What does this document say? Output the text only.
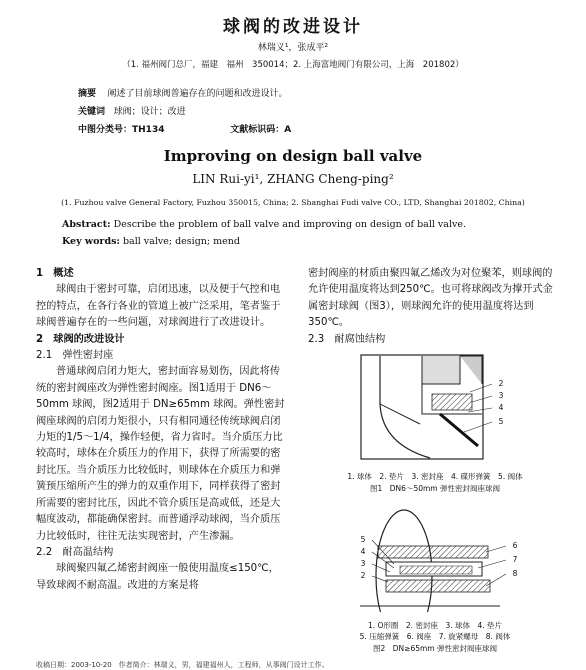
球阀的改进设计
林瑞义¹，张成平²
（1. 福州阀门总厂，福建　福州　350014；2. 上海富地阀门有限公司，上海　201802）
摘要 阐述了目前球阀普遍存在的问题和改进设计。
关键词 球阀；设计；改进
中图分类号：TH134	文献标识码：A
Improving on design ball valve
LIN Rui-yi¹, ZHANG Cheng-ping²
(1. Fuzhou valve General Factory, Fuzhou 350015, China; 2. Shanghai Fudi valve CO., LTD, Shanghai 201802, China)
Abstract: Describe the problem of ball valve and improving on design of ball valve.
Key words: ball valve; design; mend

1　概述

球阀由于密封可靠，启闭迅速，以及便于气控和电控的特点，在各行各业的管道上被广泛采用，笔者鉴于球阀普遍存在的一些问题，对球阀进行了改进设计。

2　球阀的改进设计

2.1　弹性密封座

普通球阀启闭力矩大，密封面容易划伤，因此将传统的密封阀座改为弹性密封阀座。图1适用于 DN6～50mm 球阀，图2适用于 DN≥65mm 球阀。弹性密封阀座球阀的启闭力矩很小，只有相同通径传统球阀启闭力矩的1/5～1/4，操作轻便，省力省时。当介质压力比较高时，球体在介质压力的作用下，获得了所需要的密封比压。当介质压力比较低时，则球体在介质压力和弹簧预压缩所产生的弹力的双重作用下，同样获得了密封所需要的密封比压，因此不管介质压是高或低，还是大幅度波动，都能确保密封。而普通浮动球阀，当介质压力比较低时，往往无法实现密封，产生渗漏。

2.2　耐高温结构

球阀聚四氟乙烯密封阀座一般使用温度≤150℃，导致球阀不耐高温。改进的方案是将

密封阀座的材质由聚四氟乙烯改为对位聚苯，则球阀的允许使用温度将达到250℃。也可将球阀改为撑开式金属密封球阀（图3），则球阀允许的使用温度将达到350℃。

2.3　耐腐蚀结构

2
3
4
5
1. 球体　2. 垫片　3. 密封座　4. 碟形弹簧　5. 阀体
图1　DN6～50mm 弹性密封阀座球阀
5
4
3
2
6
7
8
1. O形圈　2. 密封座　3. 球体　4. 垫片
5. 压缩弹簧　6. 阀座　7. 旋紧螺母　8. 阀体
图2　DN≥65mm 弹性密封阀座球阀
收稿日期：2003-10-20　作者简介：林瑞义，男，福建福州人，工程师，从事阀门设计工作。
